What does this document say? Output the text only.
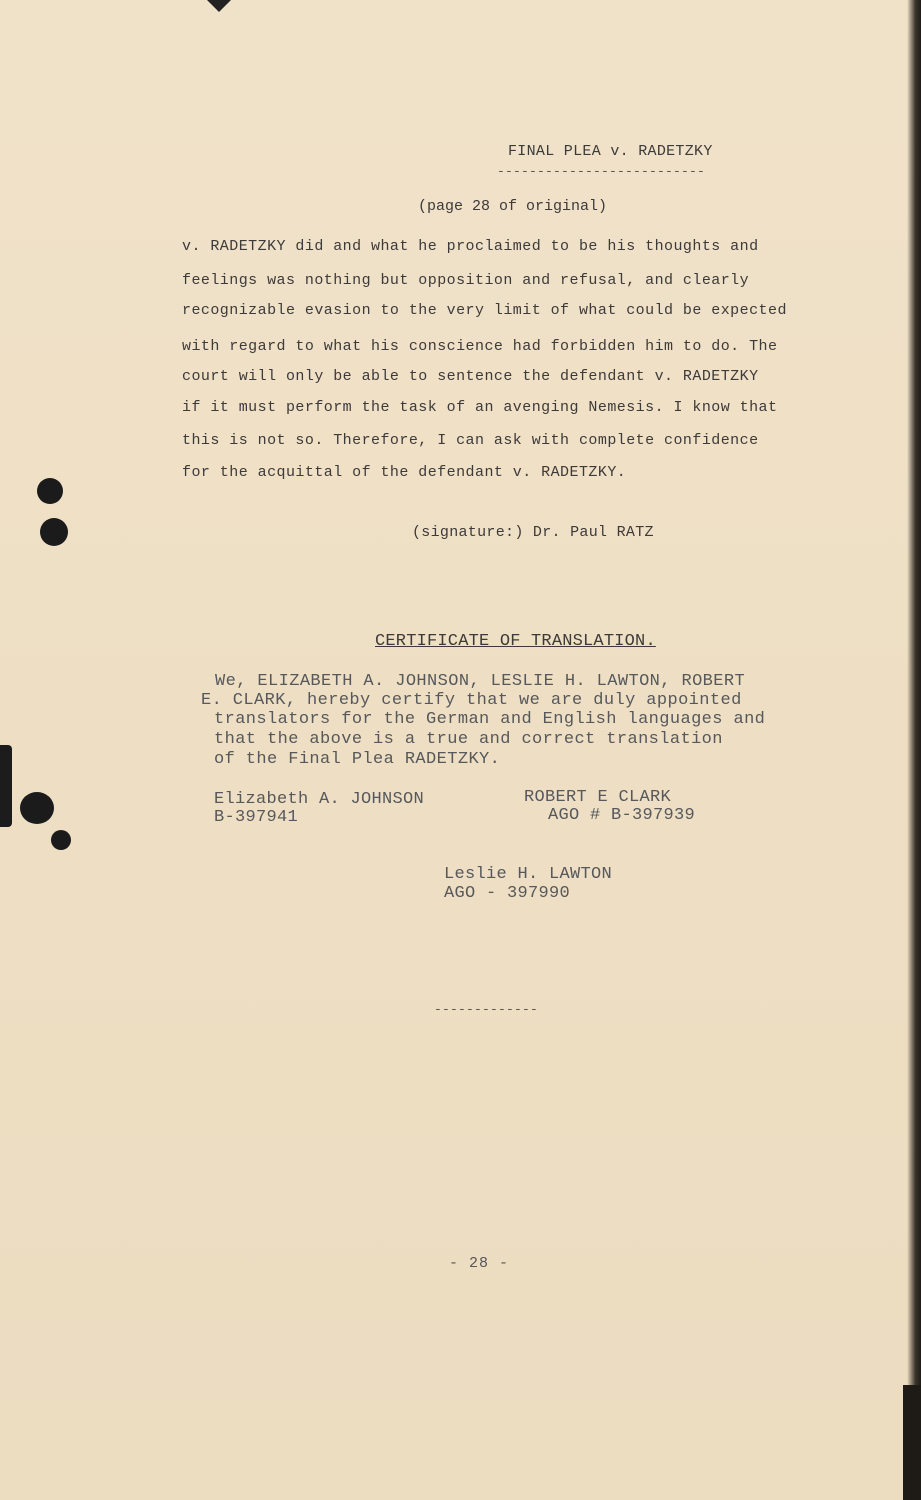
FINAL PLEA v. RADETZKY
--------------------------
(page 28 of original)
v. RADETZKY did and what he proclaimed to be his thoughts and
feelings was nothing but opposition and refusal, and clearly
recognizable evasion to the very limit of what could be expected
with regard to what his conscience had forbidden him to do. The
court will only be able to sentence the defendant v. RADETZKY
if it must perform the task of an avenging Nemesis. I know that
this is not so. Therefore, I can ask with complete confidence
for the acquittal of the defendant v. RADETZKY.
(signature:) Dr. Paul RATZ
CERTIFICATE OF TRANSLATION.
We, ELIZABETH A. JOHNSON, LESLIE H. LAWTON, ROBERT
E. CLARK, hereby certify that we are duly appointed
translators for the German and English languages and
that the above is a true and correct translation
of the Final Plea RADETZKY.
Elizabeth A. JOHNSON
B-397941
ROBERT E CLARK
AGO # B-397939
Leslie H. LAWTON
AGO - 397990
-------------
- 28 -
